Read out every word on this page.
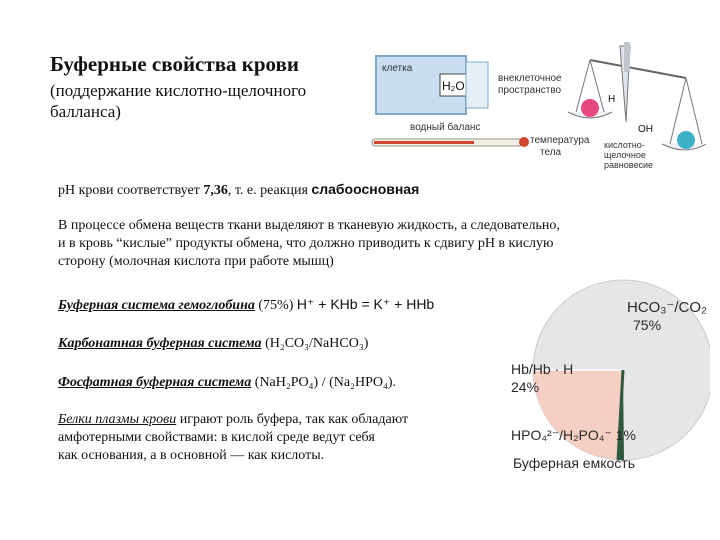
Буферные свойства крови
(поддержание кислотно-щелочного
балланса)
клетка
H₂O
внеклеточное
пространство
водный баланс
температура
тела
H
OH
кислотно-
щелочное
равновесие
pH крови соответствует 7,36, т. е. реакция слабоосновная
В процессе обмена веществ ткани выделяют в тканевую жидкость, а следовательно,
и в кровь “кислые” продукты обмена, что должно приводить к сдвигу pH в кислую
сторону (молочная кислота при работе мышц)
Буферная система гемоглобина (75%) H⁺ + KHb = K⁺ + HHb
Карбонатная буферная система (H₂CO₃/NaHCO₃)
Фосфатная буферная система (NaH₂PO₄) / (Na₂HPO₄).
Белки плазмы крови играют роль буфера, так как обладают
амфотерными свойствами: в кислой среде ведут себя
как основания, а в основной — как кислоты.
HCO₃⁻/CO₂
75%
Hb/Hb · H
24%
HPO₄²⁻/H₂PO₄⁻ 1%
Буферная емкость
